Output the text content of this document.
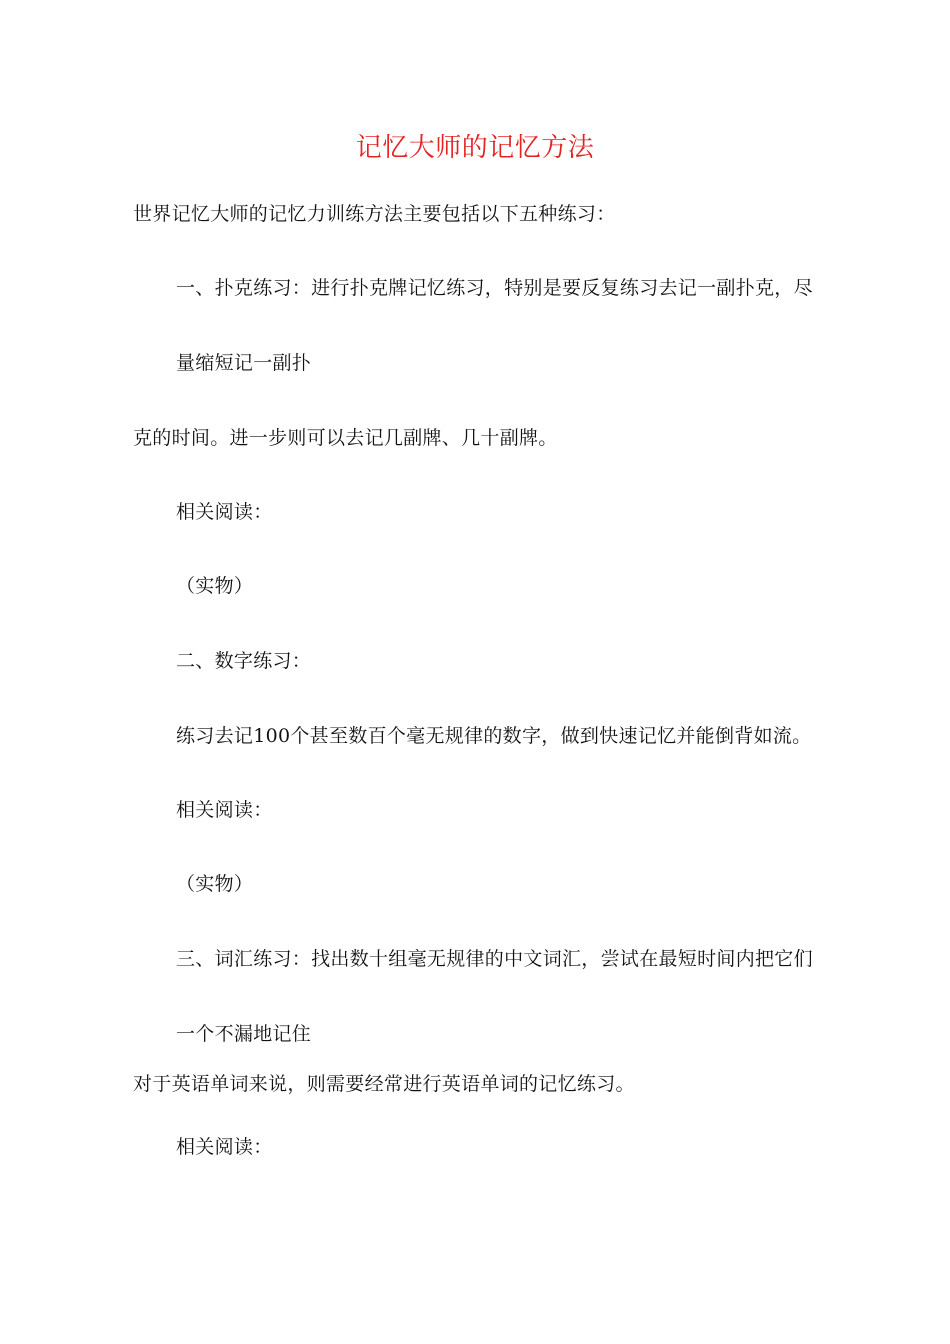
记忆大师的记忆方法
世界记忆大师的记忆力训练方法主要包括以下五种练习：
一、扑克练习：进行扑克牌记忆练习，特别是要反复练习去记一副扑克，尽
量缩短记一副扑
克的时间。进一步则可以去记几副牌、几十副牌。
相关阅读：
（实物）
二、数字练习：
练习去记100个甚至数百个毫无规律的数字，做到快速记忆并能倒背如流。
相关阅读：
（实物）
三、词汇练习：找出数十组毫无规律的中文词汇，尝试在最短时间内把它们
一个不漏地记住
对于英语单词来说，则需要经常进行英语单词的记忆练习。
相关阅读：
